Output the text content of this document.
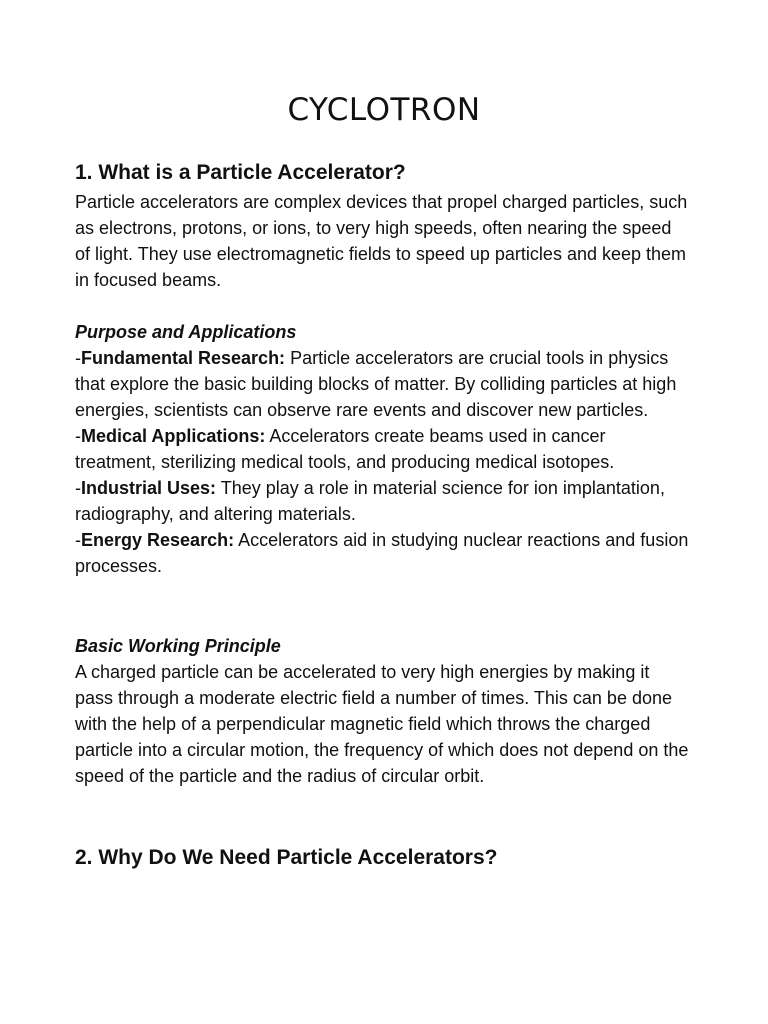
CYCLOTRON
1. What is a Particle Accelerator?

Particle accelerators are complex devices that propel charged particles, such as electrons, protons, or ions, to very high speeds, often nearing the speed of light. They use electromagnetic fields to speed up particles and keep them in focused beams.

Purpose and Applications

-Fundamental Research: Particle accelerators are crucial tools in physics that explore the basic building blocks of matter. By colliding particles at high energies, scientists can observe rare events and discover new particles.

-Medical Applications: Accelerators create beams used in cancer treatment, sterilizing medical tools, and producing medical isotopes.

-Industrial Uses: They play a role in material science for ion implantation, radiography, and altering materials.

-Energy Research: Accelerators aid in studying nuclear reactions and fusion processes.

Basic Working Principle

A charged particle can be accelerated to very high energies by making it pass through a moderate electric field a number of times. This can be done with the help of a perpendicular magnetic field which throws the charged particle into a circular motion, the frequency of which does not depend on the speed of the particle and the radius of circular orbit.

2. Why Do We Need Particle Accelerators?
